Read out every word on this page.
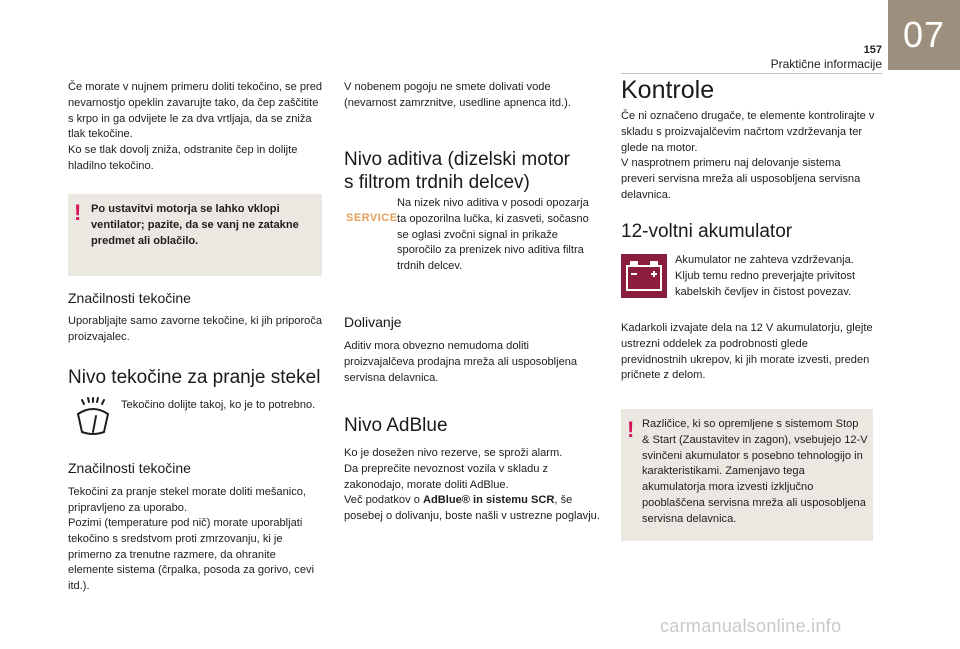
157
Praktične informacije
07

Če morate v nujnem primeru doliti tekočino, se pred nevarnostjo opeklin zavarujte tako, da čep zaščitite s krpo in ga odvijete le za dva vrtljaja, da se zniža tlak tekočine.

Ko se tlak dovolj zniža, odstranite čep in dolijte hladilno tekočino.

! Po ustavitvi motorja se lahko vklopi ventilator; pazite, da se vanj ne zatakne predmet ali oblačilo.

Značilnosti tekočine

Uporabljajte samo zavorne tekočine, ki jih priporoča proizvajalec.

Nivo tekočine za pranje stekel

Tekočino dolijte takoj, ko je to potrebno.

Značilnosti tekočine

Tekočini za pranje stekel morate doliti mešanico, pripravljeno za uporabo.

Pozimi (temperature pod nič) morate uporabljati tekočino s sredstvom proti zmrzovanju, ki je primerno za trenutne razmere, da ohranite elemente sistema (črpalka, posoda za gorivo, cevi itd.).

V nobenem pogoju ne smete dolivati vode (nevarnost zamrznitve, usedline apnenca itd.).

Nivo aditiva (dizelski motor
s filtrom trdnih delcev)
SERVICE

Na nizek nivo aditiva v posodi opozarja ta opozorilna lučka, ki zasveti, sočasno se oglasi zvočni signal in prikaže sporočilo za prenizek nivo aditiva filtra trdnih delcev.

Dolivanje

Aditiv mora obvezno nemudoma doliti proizvajalčeva prodajna mreža ali usposobljena servisna delavnica.

Nivo AdBlue

Ko je dosežen nivo rezerve, se sproži alarm.

Da preprečite nevoznost vozila v skladu z zakonodajo, morate doliti AdBlue.

Več podatkov o AdBlue® in sistemu SCR, še posebej o dolivanju, boste našli v ustrezne poglavju.

Kontrole

Če ni označeno drugače, te elemente kontrolirajte v skladu s proizvajalčevim načrtom vzdrževanja ter glede na motor.

V nasprotnem primeru naj delovanje sistema preveri servisna mreža ali usposobljena servisna delavnica.

12-voltni akumulator

Akumulator ne zahteva vzdrževanja. Kljub temu redno preverjajte privitost kabelskih čevljev in čistost povezav.

Kadarkoli izvajate dela na 12 V akumulatorju, glejte ustrezni oddelek za podrobnosti glede previdnostnih ukrepov, ki jih morate izvesti, preden pričnete z delom.

! Različice, ki so opremljene s sistemom Stop & Start (Zaustavitev in zagon), vsebujejo 12-V svinčeni akumulator s posebno tehnologijo in karakteristikami. Zamenjavo tega akumulatorja mora izvesti izključno pooblaščena servisna mreža ali usposobljena servisna delavnica.

carmanualsonline.info
